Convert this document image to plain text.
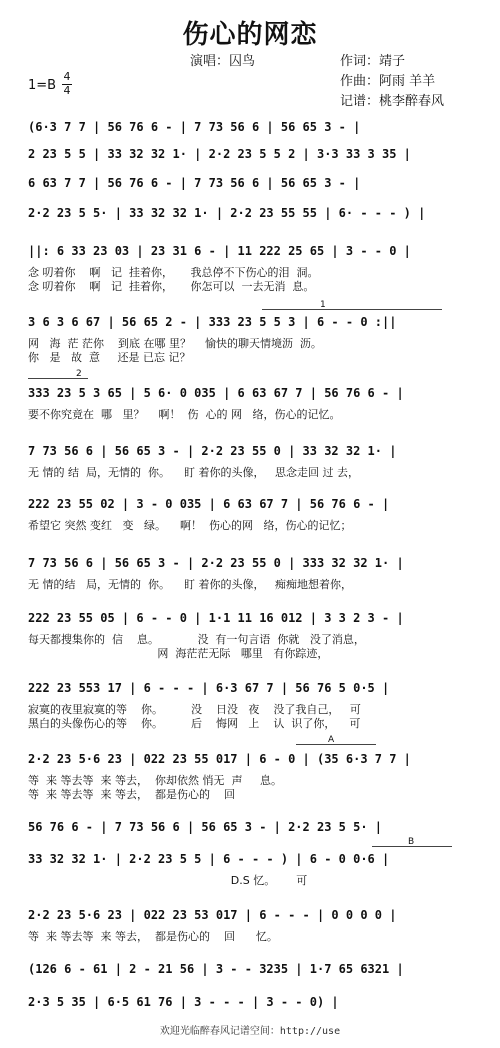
伤心的网恋
演唱：囚鸟	作词：靖子
作曲：阿雨 羊羊
记谱：桃李醉春风
1=B
4
4
1
2
A
B
(6·3 7 7 | 56 76 6 - | 7 73 56 6 | 56 65 3 - |
2 23 5 5 | 33 32 32 1· | 2·2 23 5 5 2 | 3·3 33 3 35 |
6 63 7 7 | 56 76 6 - | 7 73 56 6 | 56 65 3 - |
2·2 23 5 5· | 33 32 32 1· | 2·2 23 55 55 | 6· - - - ) |
||: 6 33 23 03 | 23 31 6 - | 11 222 25 65 | 3 - - 0 |
念 叨着你    啊   记  挂着你，     我总停不下伤心的泪  洞。
念 叨着你    啊   记  挂着你，     你怎可以  一去无消  息。
3 6 3 6 67 | 56 65 2 - | 333 23 5 5 3 | 6 - - 0 :||
网   海  茫 茫你    到底 在哪 里？    愉快的聊天情境沥  沥。
你   是   故  意     还是 已忘 记？
333 23 5 3 65 | 5 6· 0 035 | 6 63 67 7 | 56 76 6 - |
要不你究竟在  哪   里？    啊！  伤  心的 网   络，伤心的记忆。
7 73 56 6 | 56 65 3 - | 2·2 23 55 0 | 33 32 32 1· |
无 情的 结  局，无情的  你。    盯 着你的头像，   思念走回 过 去，
222 23 55 02 | 3 - 0 035 | 6 63 67 7 | 56 76 6 - |
希望它 突然 变红   变   绿。    啊！  伤心的网   络，伤心的记忆；
7 73 56 6 | 56 65 3 - | 2·2 23 55 0 | 333 32 32 1· |
无 情的结   局，无情的  你。    盯 着你的头像，   痴痴地想着你，
222 23 55 05 | 6 - - 0 | 1·1 11 16 012 | 3 3 2 3 - |
每天都搜集你的  信    息。           没  有一句言语  你就   没了消息，
网  海茫茫无际   哪里   有你踪迹，
222 23 553 17 | 6 - - - | 6·3 67 7 | 56 76 5 0·5 |
寂寞的夜里寂寞的等    你。        没    日没   夜    没了我自己，   可
黑白的头像伤心的等    你。        后    悔网   上    认  识了你，    可
2·2 23 5·6 23 | 022 23 55 017 | 6 - 0 | (35 6·3 7 7 |
等  来 等去等  来 等去，  你却依然 悄无  声     息。
等  来 等去等  来 等去，  都是伤心的    回
56 76 6 - | 7 73 56 6 | 56 65 3 - | 2·2 23 5 5· |
33 32 32 1· | 2·2 23 5 5 | 6 - - - ) | 6 - 0 0·6 |
D.S 忆。      可
2·2 23 5·6 23 | 022 23 53 017 | 6 - - - | 0 0 0 0 |
等  来 等去等  来 等去，  都是伤心的    回      忆。
(126 6 - 61 | 2 - 21 56 | 3 - - 3235 | 1·7 65 6321 |
2·3 5 35 | 6·5 61 76 | 3 - - - | 3 - - 0) |
欢迎光临醉春风记谱空间：http://use
